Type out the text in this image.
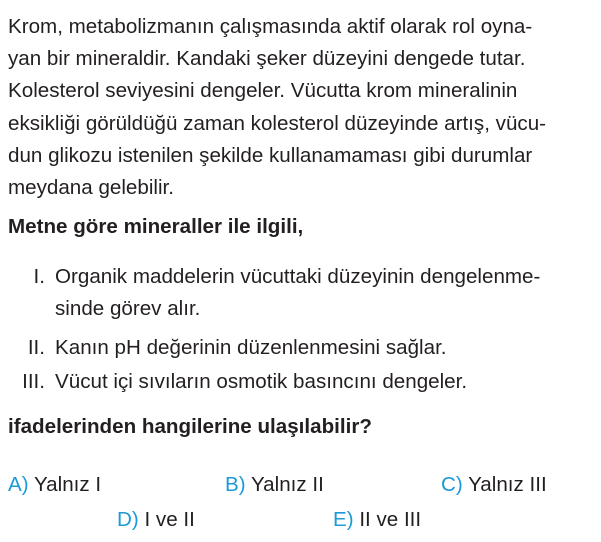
Krom, metabolizmanın çalışmasında aktif olarak rol oyna-
yan bir mineraldir. Kandaki şeker düzeyini dengede tutar.
Kolesterol seviyesini dengeler. Vücutta krom mineralinin
eksikliği görüldüğü zaman kolesterol düzeyinde artış, vücu-
dun glikozu istenilen şekilde kullanamaması gibi durumlar
meydana gelebilir.

Metne göre mineraller ile ilgili,

I. Organik maddelerin vücuttaki düzeyinin dengelenme-
sinde görev alır.
II. Kanın pH değerinin düzenlenmesini sağlar.
III. Vücut içi sıvıların osmotik basıncını dengeler.

ifadelerinden hangilerine ulaşılabilir?

A) Yalnız I	B) Yalnız II	C) Yalnız III
D) I ve II	E) II ve III
